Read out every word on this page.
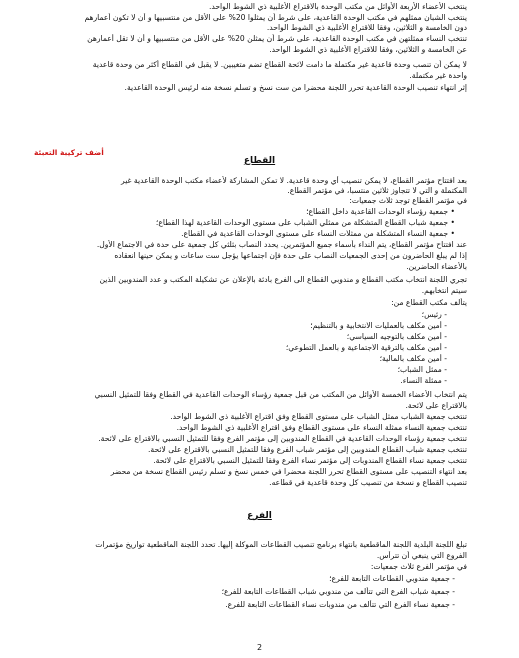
ينتخب الأعضاء الأربعة الأوائل من مكتب الوحدة بالاقتراع الأغلبية ذي الشوط الواحد.
ينتخب الشبان ممثلهم في مكتب الوحدة القاعدية، على شرط أن يمثلوا 20% على الأقل من منتسبيها و أن لا تكون أعمارهم
دون الخامسة و الثلاثين، وفقا للاقتراع الأغلبية ذي الشوط الواحد.
تنتخب النساء ممثلتهن في مكتب الوحدة القاعدية، على شرط أن يمثلن 20% على الأقل من منتسبيها و أن لا تقل أعمارهن
عن الخامسة و الثلاثين، وفقا للاقتراع الأغلبية ذي الشوط الواحد.
لا يمكن أن تنصب وحدة قاعدية غير مكتملة ما دامت لائحة القطاع تضم متغيبين. لا يقبل في القطاع أكثر من وحدة قاعدية
واحدة غير مكتملة.
إثر انتهاء تنصيب الوحدة القاعدية تحرر اللجنة محضرا من ست نسخ و تسلم نسخة منه لرئيس الوحدة القاعدية.
أضف تركيبة التعبئة
القطاع
بعد افتتاح مؤتمر القطاع، لا يمكن تنصيب أي وحدة قاعدية. لا تمكن المشاركة لأعضاء مكتب الوحدة القاعدية غير
المكتملة و التي لا تتجاوز ثلاثين منتسبا، في مؤتمر القطاع.
في مؤتمر القطاع توجد ثلاث جمعيات:
• جمعية رؤساء الوحدات القاعدية داخل القطاع؛
• جمعية شباب القطاع المتشكلة من ممثلي الشباب على مستوى الوحدات القاعدية لهذا القطاع؛
• جمعية النساء المتشكلة من ممثلات النساء على مستوى الوحدات القاعدية في القطاع.
عند افتتاح مؤتمر القطاع، يتم النداء بأسماء جميع المؤتمرين. يحدد النصاب بثلثي كل جمعية على حدة في الاجتماع الأول.
إذا لم يبلغ الحاضرون من إحدى الجمعيات النصاب على حدة فإن اجتماعها يؤجل ست ساعات و يمكن حينها انعقاده
بالأعضاء الحاضرين.
تجري اللجنة انتخاب مكتب القطاع و مندوبي القطاع الى الفرع بادئة بالإعلان عن تشكيلة المكتب و عدد المندوبين الذين
سيتم انتخابهم.
يتألف مكتب القطاع من:
- رئيس؛
- أمين مكلف بالعمليات الانتخابية و بالتنظيم؛
- أمين مكلف بالتوجيه السياسي؛
- أمين مكلف بالترقية الاجتماعية و بالعمل التطوعي؛
- أمين مكلف بالمالية؛
- ممثل الشباب؛
- ممثلة النساء.
يتم انتخاب الأعضاء الخمسة الأوائل من المكتب من قبل جمعية رؤساء الوحدات القاعدية في القطاع وفقا للتمثيل النسبي
بالاقتراع على لائحة.
تنتخب جمعية الشباب ممثل الشباب على مستوى القطاع وفق اقتراع الأغلبية ذي الشوط الواحد.
تنتخب جمعية النساء ممثلة النساء على مستوى القطاع وفق اقتراع الأغلبية ذي الشوط الواحد.
تنتخب جمعية رؤساء الوحدات القاعدية في القطاع المندوبين إلى مؤتمر الفرع وفقا للتمثيل النسبي بالاقتراع على لائحة.
تنتخب جمعية شباب القطاع المندوبين إلى مؤتمر شباب الفرع وفقا للتمثيل النسبي بالاقتراع على لائحة.
تنتخب جمعية نساء القطاع المندوبات إلى مؤتمر نساء الفرع وفقا للتمثيل النسبي بالاقتراع على لائحة.
بعد انتهاء التنصيب على مستوى القطاع تحرر اللجنة محضرا في خمس نسخ و تسلم رئيس القطاع نسخة من محضر
تنصيب القطاع و نسخة من تنصيب كل وحدة قاعدية في قطاعه.
الفرع
تبلغ اللجنة البلدية اللجنة الماقطعية بانتهاء برنامج تنصيب القطاعات الموكلة إليها. تحدد اللجنة الماقطعية تواريخ مؤتمرات
الفروع التي ينبغي أن تترأس.
في مؤتمر الفرع ثلاث جمعيات:
- جمعية مندوبي القطاعات التابعة للفرع؛
- جمعية شباب الفرع التي تتألف من مندوبي شباب القطاعات التابعة للفرع؛
- جمعية نساء الفرع التي تتألف من مندوبات نساء القطاعات التابعة للفرع.
2
